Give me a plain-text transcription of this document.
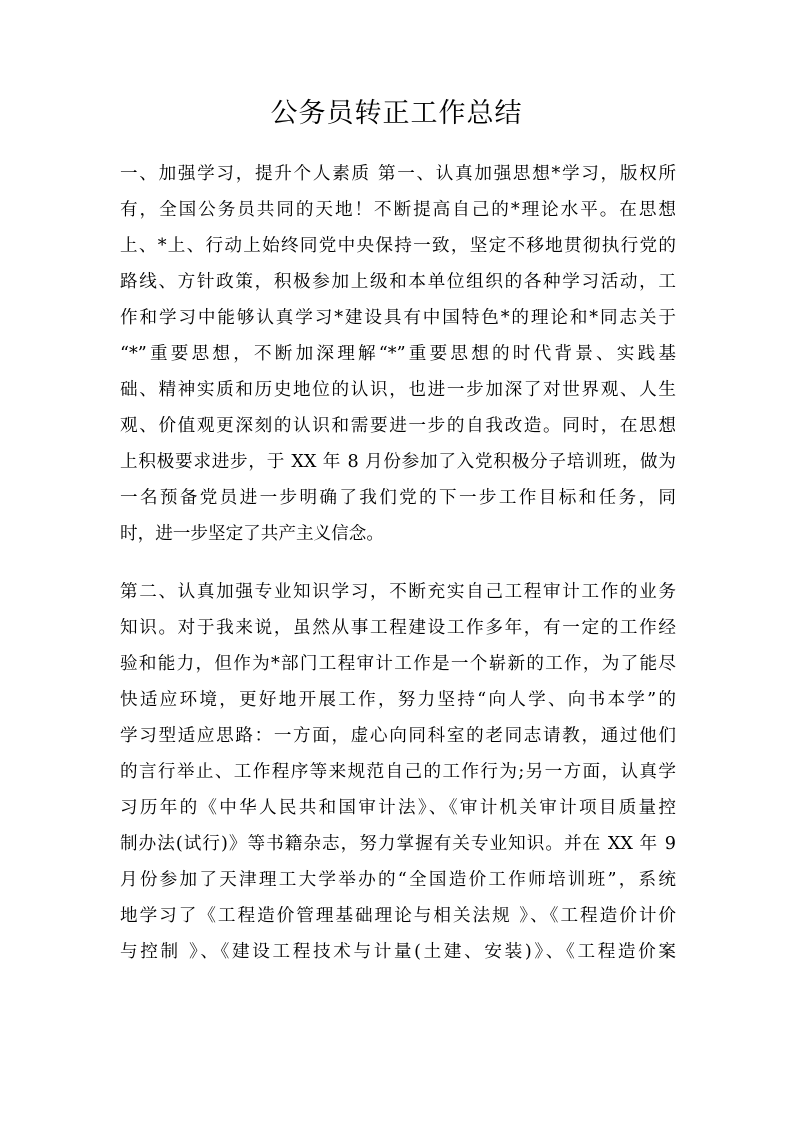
公务员转正工作总结
一、加强学习，提升个人素质 第一、认真加强思想*学习，版权所
有，全国公务员共同的天地！不断提高自己的*理论水平。在思想
上、*上、行动上始终同党中央保持一致，坚定不移地贯彻执行党的
路线、方针政策，积极参加上级和本单位组织的各种学习活动，工
作和学习中能够认真学习*建设具有中国特色*的理论和*同志关于
“*”重要思想，不断加深理解“*”重要思想的时代背景、实践基
础、精神实质和历史地位的认识，也进一步加深了对世界观、人生
观、价值观更深刻的认识和需要进一步的自我改造。同时，在思想
上积极要求进步，于 XX 年 8 月份参加了入党积极分子培训班，做为
一名预备党员进一步明确了我们党的下一步工作目标和任务，同
时，进一步坚定了共产主义信念。
第二、认真加强专业知识学习，不断充实自己工程审计工作的业务
知识。对于我来说，虽然从事工程建设工作多年，有一定的工作经
验和能力，但作为*部门工程审计工作是一个崭新的工作，为了能尽
快适应环境，更好地开展工作，努力坚持“向人学、向书本学”的
学习型适应思路：一方面，虚心向同科室的老同志请教，通过他们
的言行举止、工作程序等来规范自己的工作行为;另一方面，认真学
习历年的《中华人民共和国审计法》、《审计机关审计项目质量控
制办法(试行)》等书籍杂志，努力掌握有关专业知识。并在 XX 年 9
月份参加了天津理工大学举办的“全国造价工作师培训班”，系统
地学习了《工程造价管理基础理论与相关法规 》、《工程造价计价
与控制 》、《建设工程技术与计量(土建、安装)》、《工程造价案
